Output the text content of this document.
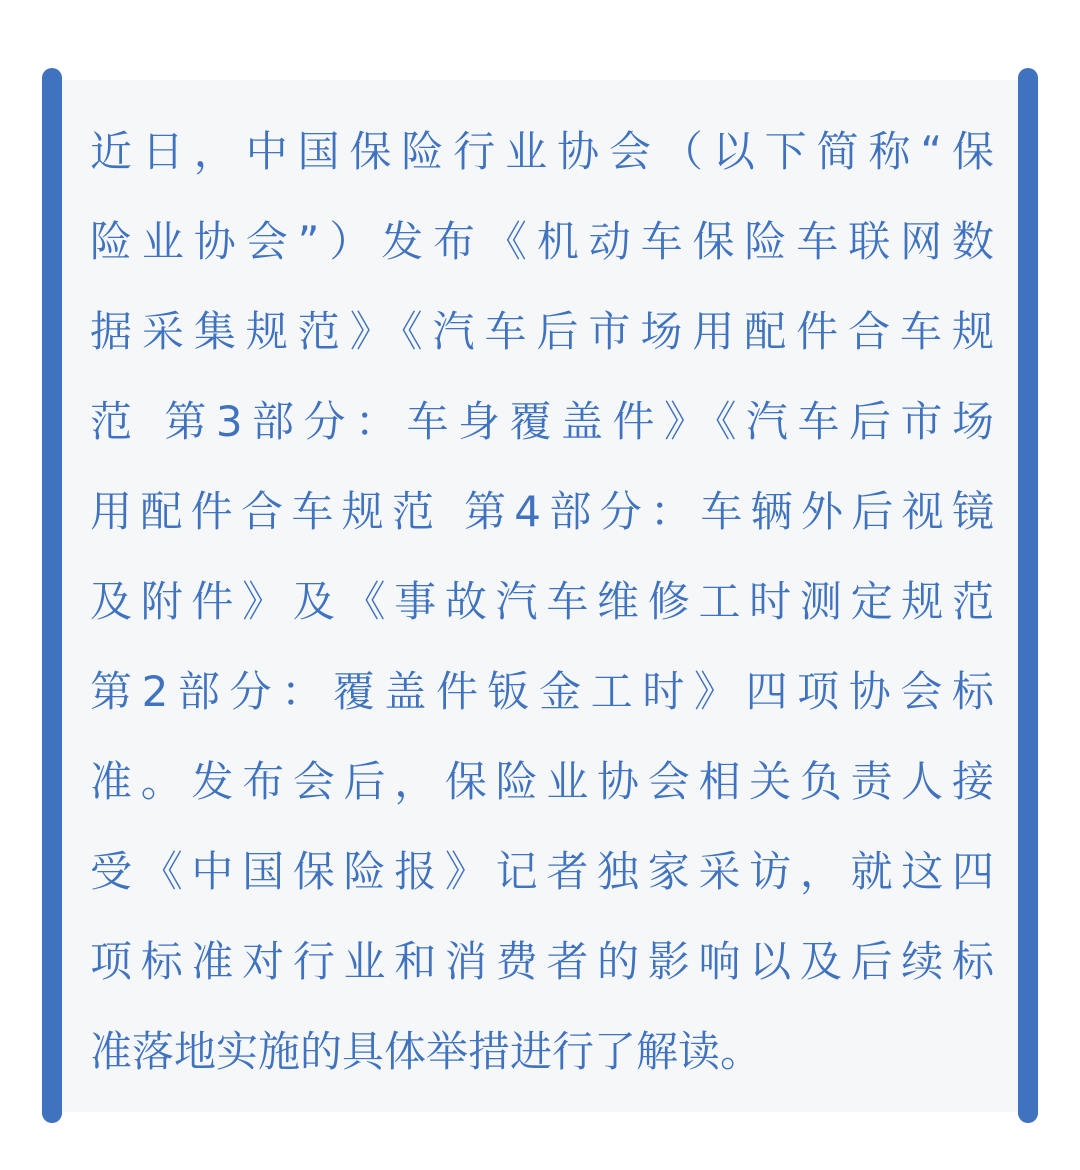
近日，中国保险行业协会（以下简称“保
险业协会”）发布《机动车保险车联网数
据采集规范》《汽车后市场用配件合车规
范 第3部分：车身覆盖件》《汽车后市场
用配件合车规范 第4部分：车辆外后视镜
及附件》及《事故汽车维修工时测定规范
第2部分：覆盖件钣金工时》四项协会标
准。发布会后，保险业协会相关负责人接
受《中国保险报》记者独家采访，就这四
项标准对行业和消费者的影响以及后续标
准落地实施的具体举措进行了解读。
